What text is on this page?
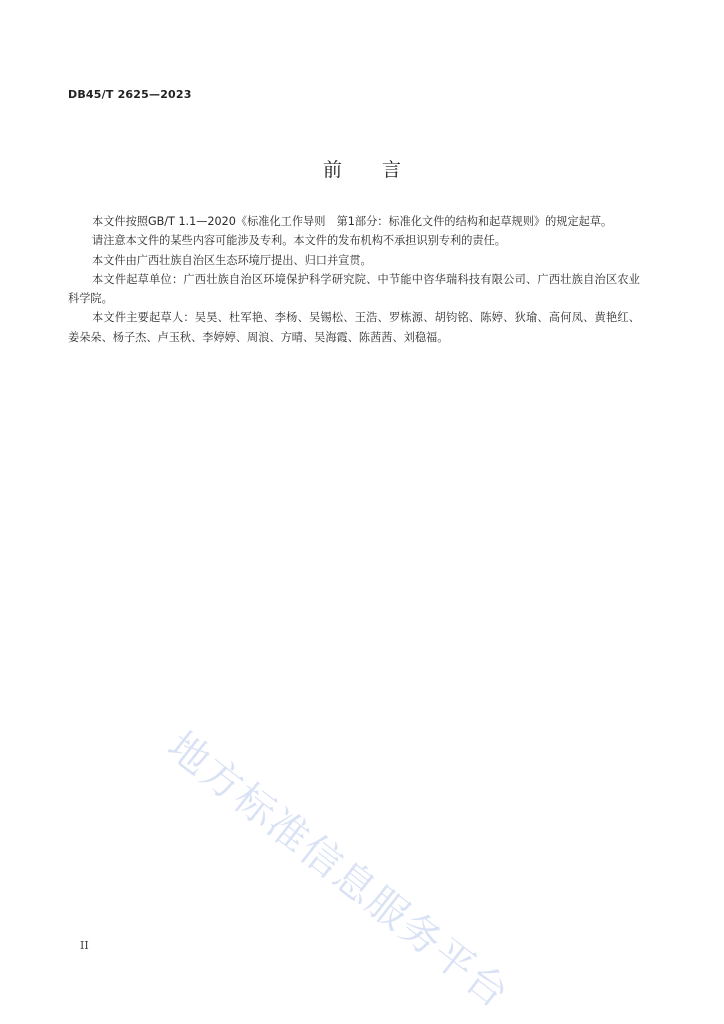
DB45/T 2625—2023
前言

本文件按照GB/T 1.1—2020《标准化工作导则　第1部分：标准化文件的结构和起草规则》的规定起草。

请注意本文件的某些内容可能涉及专利。本文件的发布机构不承担识别专利的责任。

本文件由广西壮族自治区生态环境厅提出、归口并宣贯。

本文件起草单位：广西壮族自治区环境保护科学研究院、中节能中咨华瑞科技有限公司、广西壮族自治区农业科学院。

本文件主要起草人：吴昊、杜军艳、李杨、吴锡松、王浩、罗栋源、胡钧铭、陈婷、狄瑜、高何凤、黄艳红、姜朵朵、杨子杰、卢玉秋、李婷婷、周浪、方晴、吴海霞、陈茜茜、刘稳福。

地方标准信息服务平台
II
